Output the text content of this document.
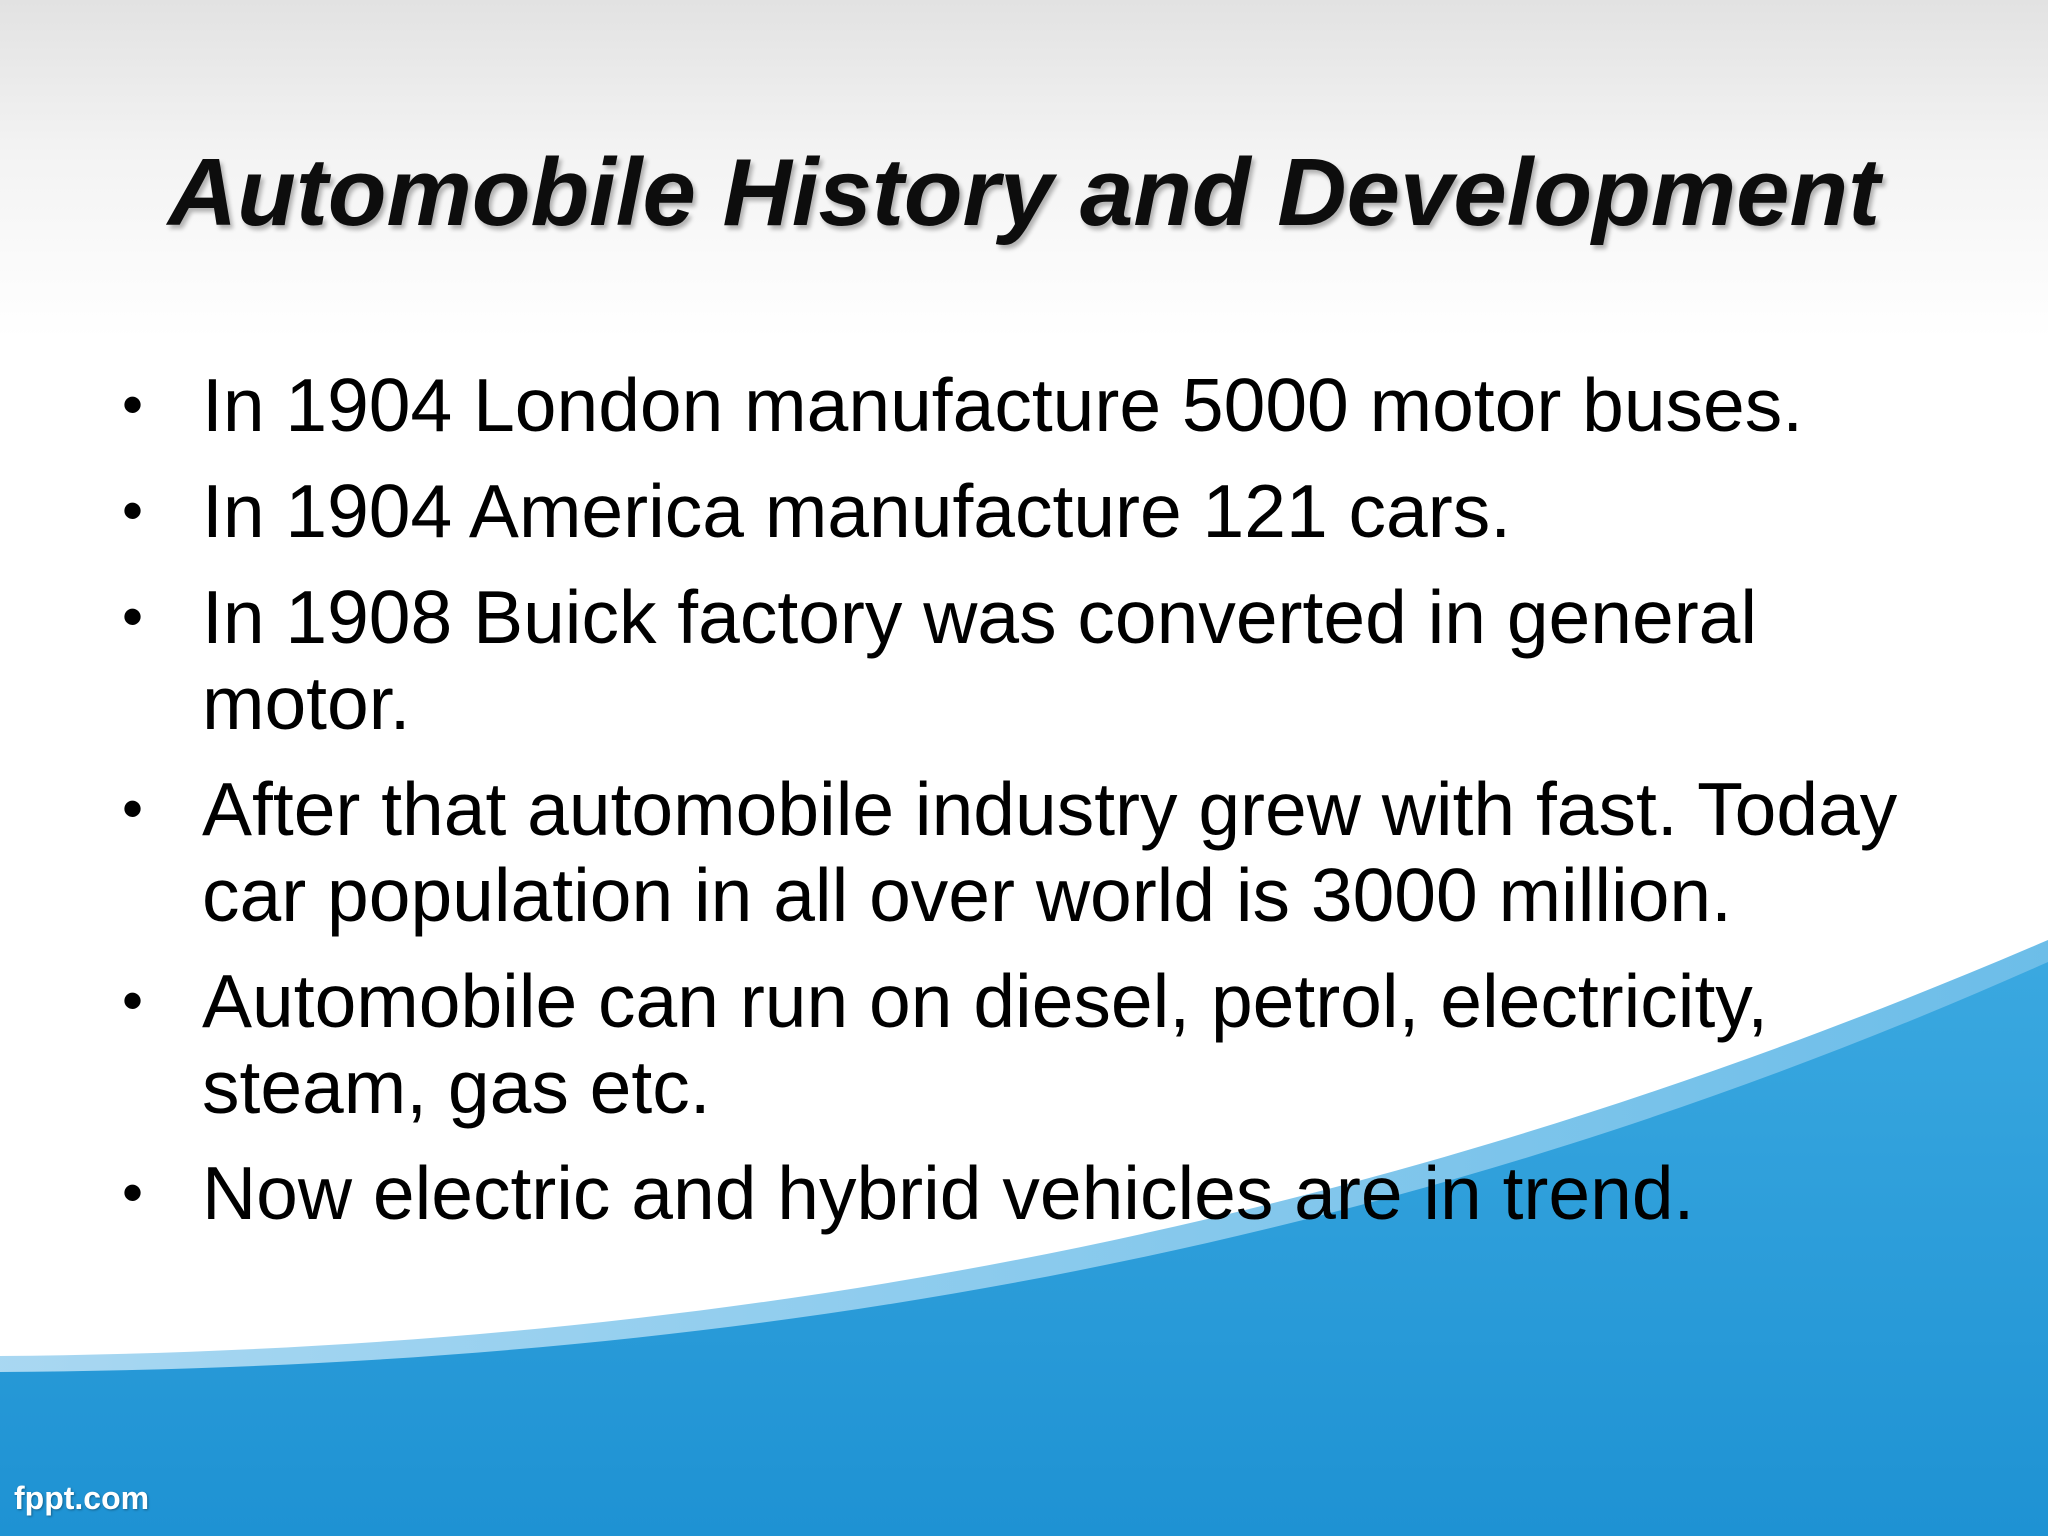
Automobile History and Development
• In 1904 London manufacture 5000 motor buses.
• In 1904 America manufacture 121 cars.
• In 1908 Buick factory was converted in general motor.
• After that automobile industry grew with fast. Today car population in all over world is 3000 million.
• Automobile can run on diesel, petrol, electricity, steam, gas etc.
• Now electric and hybrid vehicles are in trend.
fppt.com
